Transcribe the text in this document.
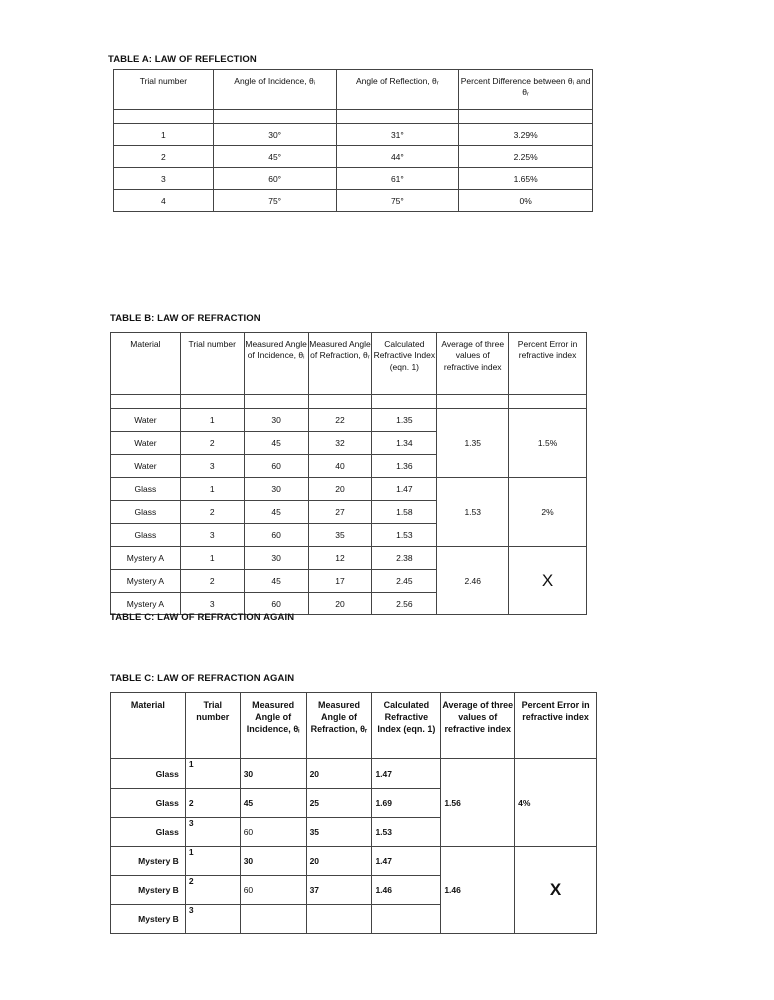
TABLE A: LAW OF REFLECTION
Trial number	Angle of Incidence, θᵢ	Angle of Reflection, θᵣ	Percent Difference between θᵢ and θᵣ

1	30°	31°	3.29%
2	45°	44°	2.25%
3	60°	61°	1.65%
4	75°	75°	0%
TABLE B: LAW OF REFRACTION
Material	Trial number	Measured Angle of Incidence, θᵢ	Measured Angle of Refraction, θᵣ	Calculated Refractive Index (eqn. 1)	Average of three values of refractive index	Percent Error in refractive index

Water	1	30	22	1.35	1.35	1.5%
Water	2	45	32	1.34		
Water	3	60	40	1.36		
Glass	1	30	20	1.47	1.53	2%
Glass	2	45	27	1.58		
Glass	3	60	35	1.53		
Mystery A	1	30	12	2.38	2.46	X
Mystery A	2	45	17	2.45		
Mystery A	3	60	20	2.56		
TABLE C: LAW OF REFRACTION AGAIN
TABLE C: LAW OF REFRACTION AGAIN
Material	Trial number	Measured Angle of Incidence, θᵢ	Measured Angle of Refraction, θᵣ	Calculated Refractive Index (eqn. 1)	Average of three values of refractive index	Percent Error in refractive index
Glass	1	30	20	1.47	1.56	4%
Glass	2	45	25	1.69		
Glass	3	60	35	1.53		
Mystery B	1	30	20	1.47	1.46	X
Mystery B	2	60	37	1.46		
Mystery B	3					
